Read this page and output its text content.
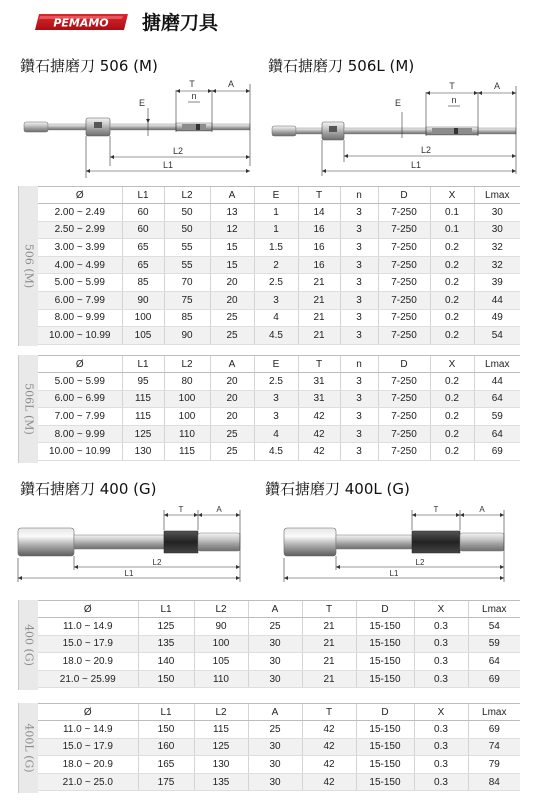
PEMAMO 搪磨刀具
鑽石搪磨刀 506 (M)
T	A
E
n
L2
L1
鑽石搪磨刀 506L (M)
T	A
E	n
L2
L1
506 (M)
Ø	L1	L2	A	E	T	n	D	X	Lmax
2.00 ~ 2.49	60	50	13	1	14	3	7-250	0.1	30
2.50 ~ 2.99	60	50	12	1	16	3	7-250	0.1	30
3.00 ~ 3.99	65	55	15	1.5	16	3	7-250	0.2	32
4.00 ~ 4.99	65	55	15	2	16	3	7-250	0.2	32
5.00 ~ 5.99	85	70	20	2.5	21	3	7-250	0.2	39
6.00 ~ 7.99	90	75	20	3	21	3	7-250	0.2	44
8.00 ~ 9.99	100	85	25	4	21	3	7-250	0.2	49
10.00 ~ 10.99	105	90	25	4.5	21	3	7-250	0.2	54
506L (M)
Ø	L1	L2	A	E	T	n	D	X	Lmax
5.00 ~ 5.99	95	80	20	2.5	31	3	7-250	0.2	44
6.00 ~ 6.99	115	100	20	3	31	3	7-250	0.2	64
7.00 ~ 7.99	115	100	20	3	42	3	7-250	0.2	59
8.00 ~ 9.99	125	110	25	4	42	3	7-250	0.2	64
10.00 ~ 10.99	130	115	25	4.5	42	3	7-250	0.2	69
鑽石搪磨刀 400 (G)
T	A
L2
L1
鑽石搪磨刀 400L (G)
T	A
L2
L1
400 (G)
Ø	L1	L2	A	T	D	X	Lmax
11.0 ~ 14.9	125	90	25	21	15-150	0.3	54
15.0 ~ 17.9	135	100	30	21	15-150	0.3	59
18.0 ~ 20.9	140	105	30	21	15-150	0.3	64
21.0 ~ 25.99	150	110	30	21	15-150	0.3	69
400L (G)
Ø	L1	L2	A	T	D	X	Lmax
11.0 ~ 14.9	150	115	25	42	15-150	0.3	69
15.0 ~ 17.9	160	125	30	42	15-150	0.3	74
18.0 ~ 20.9	165	130	30	42	15-150	0.3	79
21.0 ~ 25.0	175	135	30	42	15-150	0.3	84
